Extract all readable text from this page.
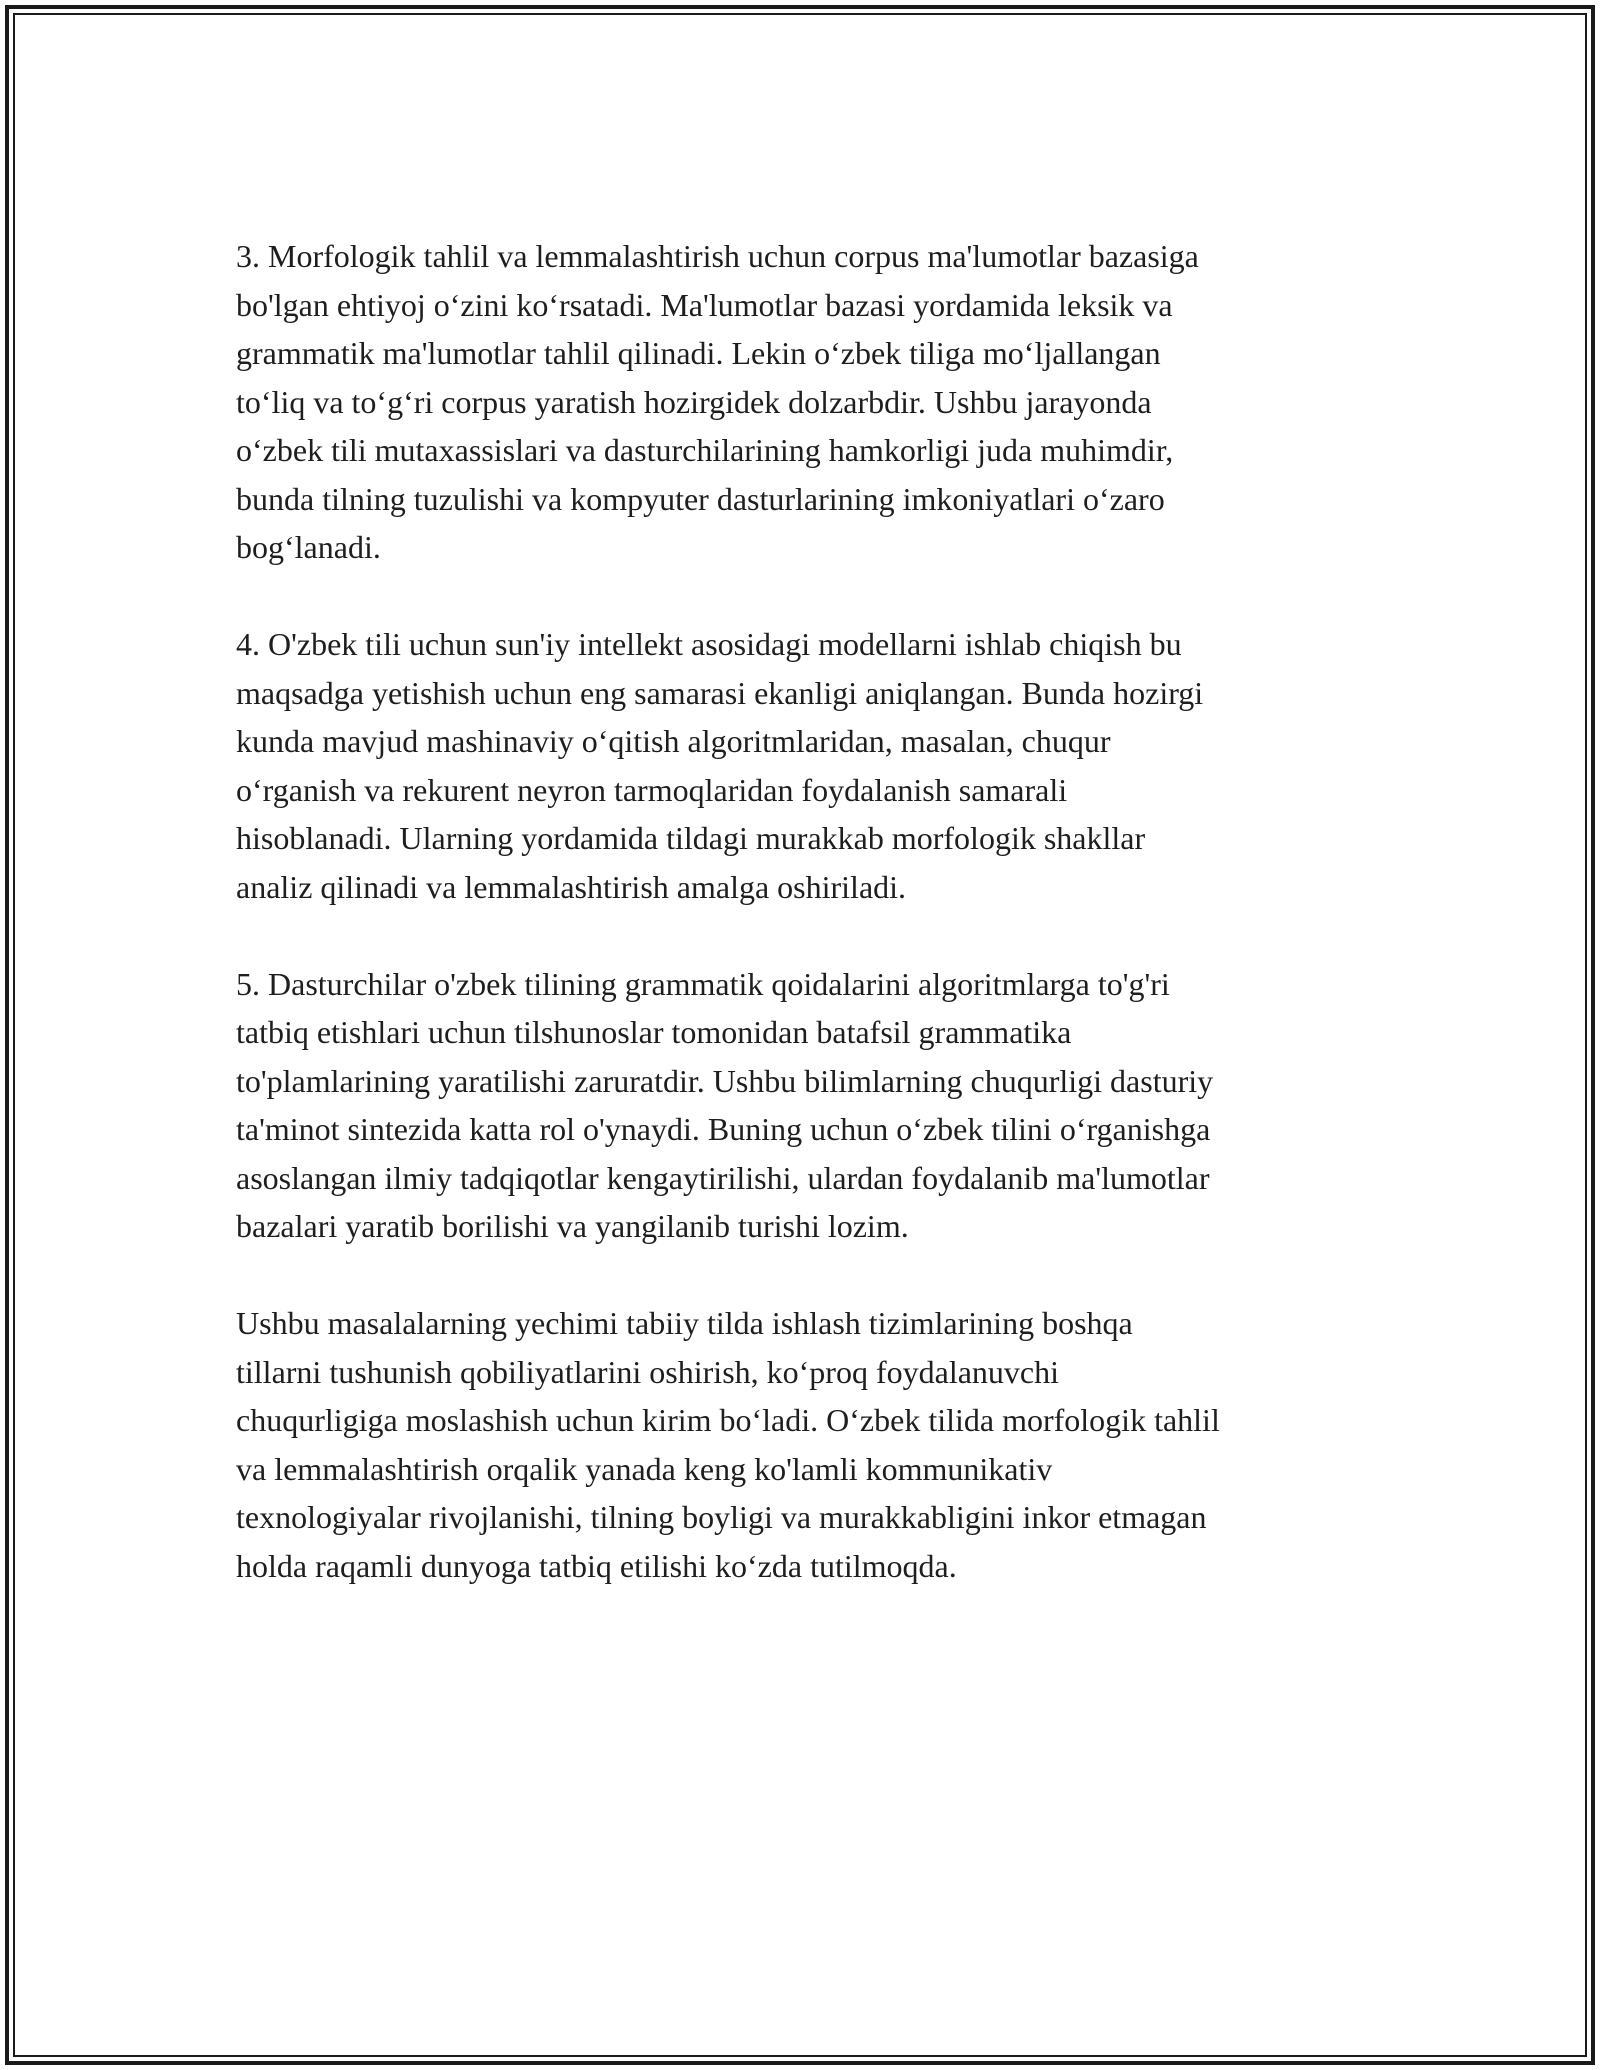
3. Morfologik tahlil va lemmalashtirish uchun corpus ma'lumotlar bazasiga
bo'lgan ehtiyoj o‘zini ko‘rsatadi. Ma'lumotlar bazasi yordamida leksik va
grammatik ma'lumotlar tahlil qilinadi. Lekin o‘zbek tiliga mo‘ljallangan
to‘liq va to‘g‘ri corpus yaratish hozirgidek dolzarbdir. Ushbu jarayonda
o‘zbek tili mutaxassislari va dasturchilarining hamkorligi juda muhimdir,
bunda tilning tuzulishi va kompyuter dasturlarining imkoniyatlari o‘zaro
bog‘lanadi.

4. O'zbek tili uchun sun'iy intellekt asosidagi modellarni ishlab chiqish bu
maqsadga yetishish uchun eng samarasi ekanligi aniqlangan. Bunda hozirgi
kunda mavjud mashinaviy o‘qitish algoritmlaridan, masalan, chuqur
o‘rganish va rekurent neyron tarmoqlaridan foydalanish samarali
hisoblanadi. Ularning yordamida tildagi murakkab morfologik shakllar
analiz qilinadi va lemmalashtirish amalga oshiriladi.

5. Dasturchilar o'zbek tilining grammatik qoidalarini algoritmlarga to'g'ri
tatbiq etishlari uchun tilshunoslar tomonidan batafsil grammatika
to'plamlarining yaratilishi zaruratdir. Ushbu bilimlarning chuqurligi dasturiy
ta'minot sintezida katta rol o'ynaydi. Buning uchun o‘zbek tilini o‘rganishga
asoslangan ilmiy tadqiqotlar kengaytirilishi, ulardan foydalanib ma'lumotlar
bazalari yaratib borilishi va yangilanib turishi lozim.

Ushbu masalalarning yechimi tabiiy tilda ishlash tizimlarining boshqa
tillarni tushunish qobiliyatlarini oshirish, ko‘proq foydalanuvchi
chuqurligiga moslashish uchun kirim bo‘ladi. O‘zbek tilida morfologik tahlil
va lemmalashtirish orqalik yanada keng ko'lamli kommunikativ
texnologiyalar rivojlanishi, tilning boyligi va murakkabligini inkor etmagan
holda raqamli dunyoga tatbiq etilishi ko‘zda tutilmoqda.
